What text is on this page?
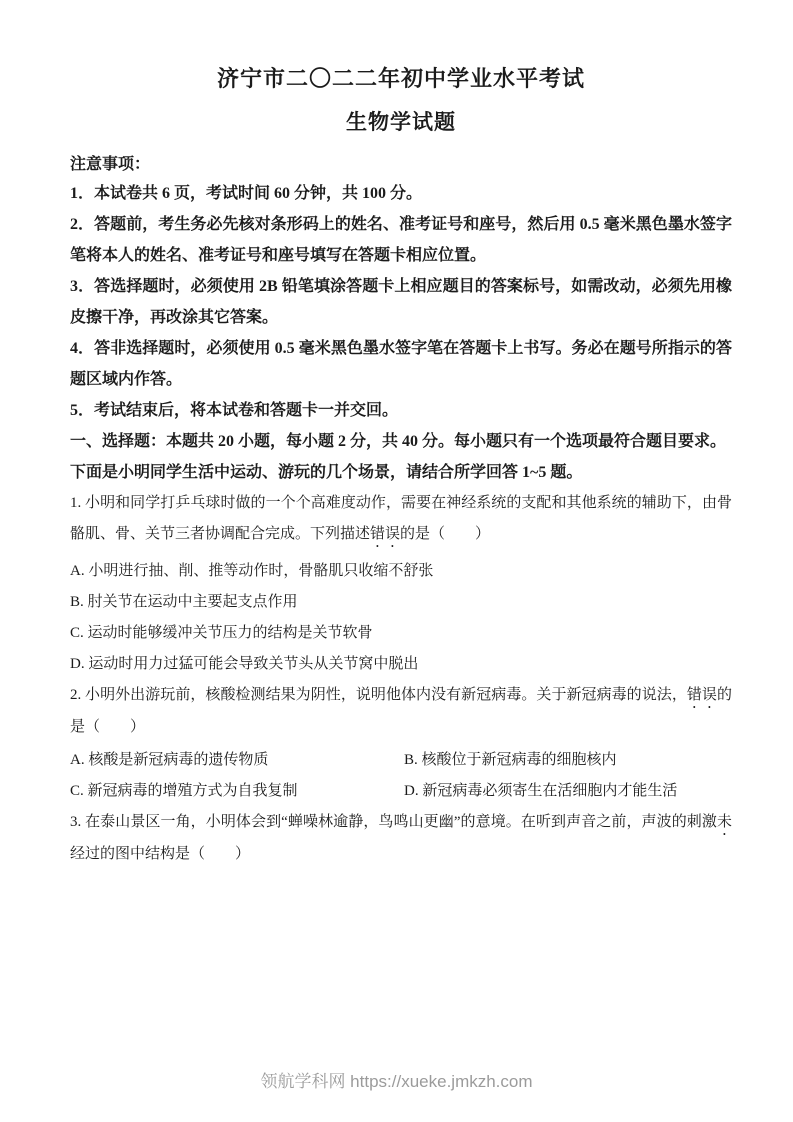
济宁市二〇二二年初中学业水平考试
生物学试题

注意事项：

1．本试卷共 6 页，考试时间 60 分钟，共 100 分。

2．答题前，考生务必先核对条形码上的姓名、准考证号和座号，然后用 0.5 毫米黑色墨水签字笔将本人的姓名、准考证号和座号填写在答题卡相应位置。

3．答选择题时，必须使用 2B 铅笔填涂答题卡上相应题目的答案标号，如需改动，必须先用橡皮擦干净，再改涂其它答案。

4．答非选择题时，必须使用 0.5 毫米黑色墨水签字笔在答题卡上书写。务必在题号所指示的答题区域内作答。

5．考试结束后，将本试卷和答题卡一并交回。

一、选择题：本题共 20 小题，每小题 2 分，共 40 分。每小题只有一个选项最符合题目要求。

下面是小明同学生活中运动、游玩的几个场景，请结合所学回答 1~5 题。

1. 小明和同学打乒乓球时做的一个个高难度动作，需要在神经系统的支配和其他系统的辅助下，由骨骼肌、骨、关节三者协调配合完成。下列描述错误的是（　　）

A. 小明进行抽、削、推等动作时，骨骼肌只收缩不舒张

B. 肘关节在运动中主要起支点作用

C. 运动时能够缓冲关节压力的结构是关节软骨

D. 运动时用力过猛可能会导致关节头从关节窝中脱出

2. 小明外出游玩前，核酸检测结果为阴性，说明他体内没有新冠病毒。关于新冠病毒的说法，错误的是（　　）

A. 核酸是新冠病毒的遗传物质	B. 核酸位于新冠病毒的细胞核内

C. 新冠病毒的增殖方式为自我复制	D. 新冠病毒必须寄生在活细胞内才能生活

3. 在泰山景区一角，小明体会到“蝉噪林逾静，鸟鸣山更幽”的意境。在听到声音之前，声波的刺激未经过的图中结构是（　　）

领航学科网 https://xueke.jmkzh.com
